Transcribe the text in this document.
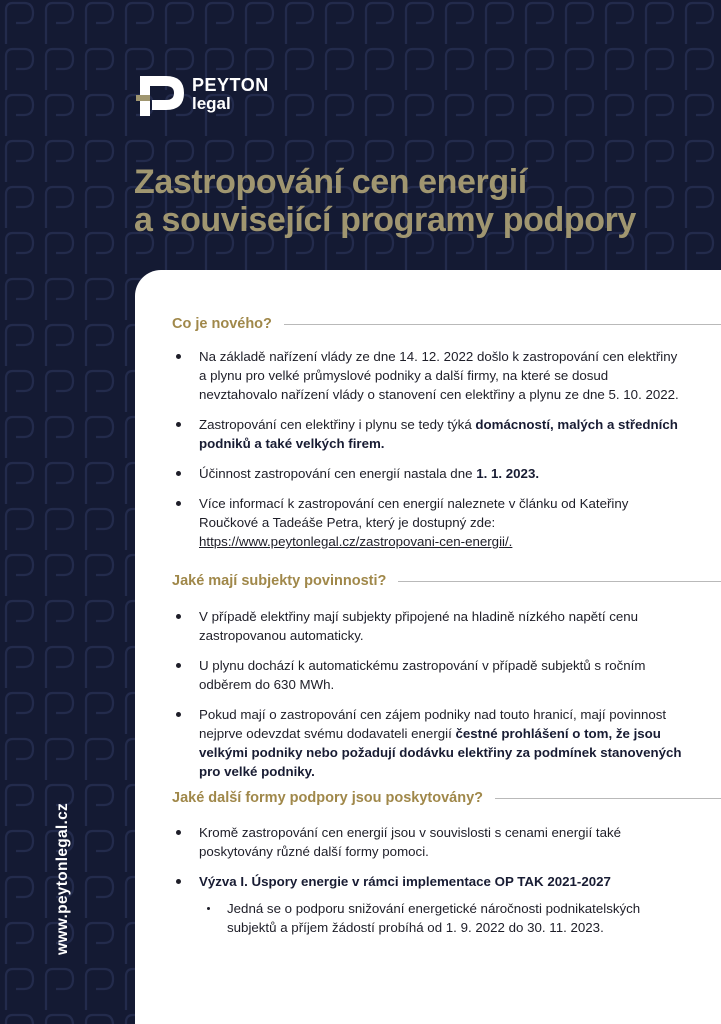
PEYTON
legal
Zastropování cen energií
a související programy podpory
www.peytonlegal.cz
Co je nového?
Na základě nařízení vlády ze dne 14. 12. 2022 došlo k zastropování cen elektřiny a plynu pro velké průmyslové podniky a další firmy, na které se dosud nevztahovalo nařízení vlády o stanovení cen elektřiny a plynu ze dne 5. 10. 2022.
Zastropování cen elektřiny i plynu se tedy týká domácností, malých a středních podniků a také velkých firem.
Účinnost zastropování cen energií nastala dne 1. 1. 2023.
Více informací k zastropování cen energií naleznete v článku od Kateřiny Roučkové a Tadeáše Petra, který je dostupný zde: https://www.peytonlegal.cz/zastropovani-cen-energii/.
Jaké mají subjekty povinnosti?
V případě elektřiny mají subjekty připojené na hladině nízkého napětí cenu zastropovanou automaticky.
U plynu dochází k automatickému zastropování v případě subjektů s ročním odběrem do 630 MWh.
Pokud mají o zastropování cen zájem podniky nad touto hranicí, mají povinnost nejprve odevzdat svému dodavateli energií čestné prohlášení o tom, že jsou velkými podniky nebo požadují dodávku elektřiny za podmínek stanovených pro velké podniky.
Jaké další formy podpory jsou poskytovány?
Kromě zastropování cen energií jsou v souvislosti s cenami energií také poskytovány různé další formy pomoci.
Výzva I. Úspory energie v rámci implementace OP TAK 2021-2027
Jedná se o podporu snižování energetické náročnosti podnikatelských subjektů a příjem žádostí probíhá od 1. 9. 2022 do 30. 11. 2023.
